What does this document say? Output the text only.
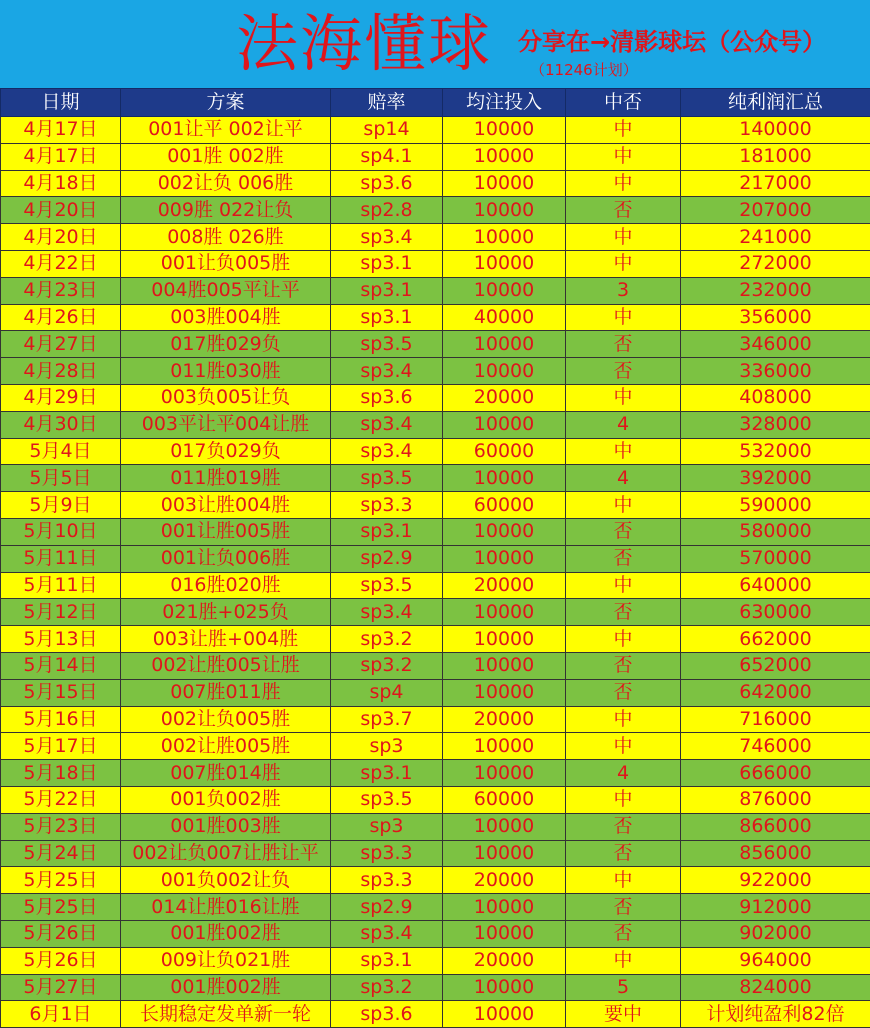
法海懂球 分享在→清影球坛（公众号）
（11246计划）
日期	方案	赔率	均注投入	中否	纯利润汇总
4月17日	001让平 002让平	sp14	10000	中	140000
4月17日	001胜 002胜	sp4.1	10000	中	181000
4月18日	002让负 006胜	sp3.6	10000	中	217000
4月20日	009胜 022让负	sp2.8	10000	否	207000
4月20日	008胜 026胜	sp3.4	10000	中	241000
4月22日	001让负005胜	sp3.1	10000	中	272000
4月23日	004胜005平让平	sp3.1	10000	3	232000
4月26日	003胜004胜	sp3.1	40000	中	356000
4月27日	017胜029负	sp3.5	10000	否	346000
4月28日	011胜030胜	sp3.4	10000	否	336000
4月29日	003负005让负	sp3.6	20000	中	408000
4月30日	003平让平004让胜	sp3.4	10000	4	328000
5月4日	017负029负	sp3.4	60000	中	532000
5月5日	011胜019胜	sp3.5	10000	4	392000
5月9日	003让胜004胜	sp3.3	60000	中	590000
5月10日	001让胜005胜	sp3.1	10000	否	580000
5月11日	001让负006胜	sp2.9	10000	否	570000
5月11日	016胜020胜	sp3.5	20000	中	640000
5月12日	021胜+025负	sp3.4	10000	否	630000
5月13日	003让胜+004胜	sp3.2	10000	中	662000
5月14日	002让胜005让胜	sp3.2	10000	否	652000
5月15日	007胜011胜	sp4	10000	否	642000
5月16日	002让负005胜	sp3.7	20000	中	716000
5月17日	002让胜005胜	sp3	10000	中	746000
5月18日	007胜014胜	sp3.1	10000	4	666000
5月22日	001负002胜	sp3.5	60000	中	876000
5月23日	001胜003胜	sp3	10000	否	866000
5月24日	002让负007让胜让平	sp3.3	10000	否	856000
5月25日	001负002让负	sp3.3	20000	中	922000
5月25日	014让胜016让胜	sp2.9	10000	否	912000
5月26日	001胜002胜	sp3.4	10000	否	902000
5月26日	009让负021胜	sp3.1	20000	中	964000
5月27日	001胜002胜	sp3.2	10000	5	824000
6月1日	长期稳定发单新一轮	sp3.6	10000	要中	计划纯盈利82倍
